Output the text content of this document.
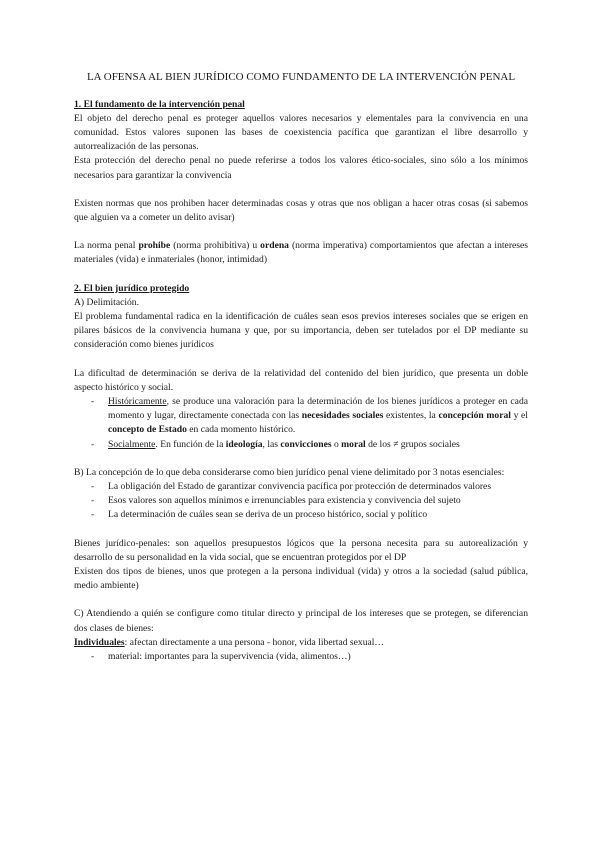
LA OFENSA AL BIEN JURÍDICO COMO FUNDAMENTO DE LA INTERVENCIÓN PENAL

1. El fundamento de la intervención penal

El objeto del derecho penal es proteger aquellos valores necesarios y elementales para la convivencia en una comunidad. Estos valores suponen las bases de coexistencia pacífica que garantizan el libre desarrollo y autorrealización de las personas.

Esta protección del derecho penal no puede referirse a todos los valores ético-sociales, sino sólo a los mínimos necesarios para garantizar la convivencia

Existen normas que nos prohiben hacer determinadas cosas y otras que nos obligan a hacer otras cosas (si sabemos que alguien va a cometer un delito avisar)

La norma penal prohibe (norma prohibitiva) u ordena (norma imperativa) comportamientos que afectan a intereses materiales (vida) e inmateriales (honor, intimidad)

2. El bien jurídico protegido

A) Delimitación.

El problema fundamental radica en la identificación de cuáles sean esos previos intereses sociales que se erigen en pilares básicos de la convivencia humana y que, por su importancia, deben ser tutelados por el DP mediante su consideración como bienes jurídicos

La dificultad de determinación se deriva de la relatividad del contenido del bien jurídico, que presenta un doble aspecto histórico y social.

- Históricamente, se produce una valoración para la determinación de los bienes jurídicos a proteger en cada momento y lugar, directamente conectada con las necesidades sociales existentes, la concepción moral y el concepto de Estado en cada momento histórico.
- Socialmente. En función de la ideología, las convicciones o moral de los ≠ grupos sociales

B) La concepción de lo que deba considerarse como bien jurídico penal viene delimitado por 3 notas esenciales:

- La obligación del Estado de garantizar convivencia pacífica por protección de determinados valores
- Esos valores son aquellos mínimos e irrenunciables para existencia y convivencia del sujeto
- La determinación de cuáles sean se deriva de un proceso histórico, social y político

Bienes jurídico-penales: son aquellos presupuestos lógicos que la persona necesita para su autorealización y desarrollo de su personalidad en la vida social, que se encuentran protegidos por el DP

Existen dos tipos de bienes, unos que protegen a la persona individual (vida) y otros a la sociedad (salud pública, medio ambiente)

C) Atendiendo a quién se configure como titular directo y principal de los intereses que se protegen, se diferencian dos clases de bienes:

Individuales: afectan directamente a una persona - honor, vida libertad sexual…

- material: importantes para la supervivencia (vida, alimentos…)
